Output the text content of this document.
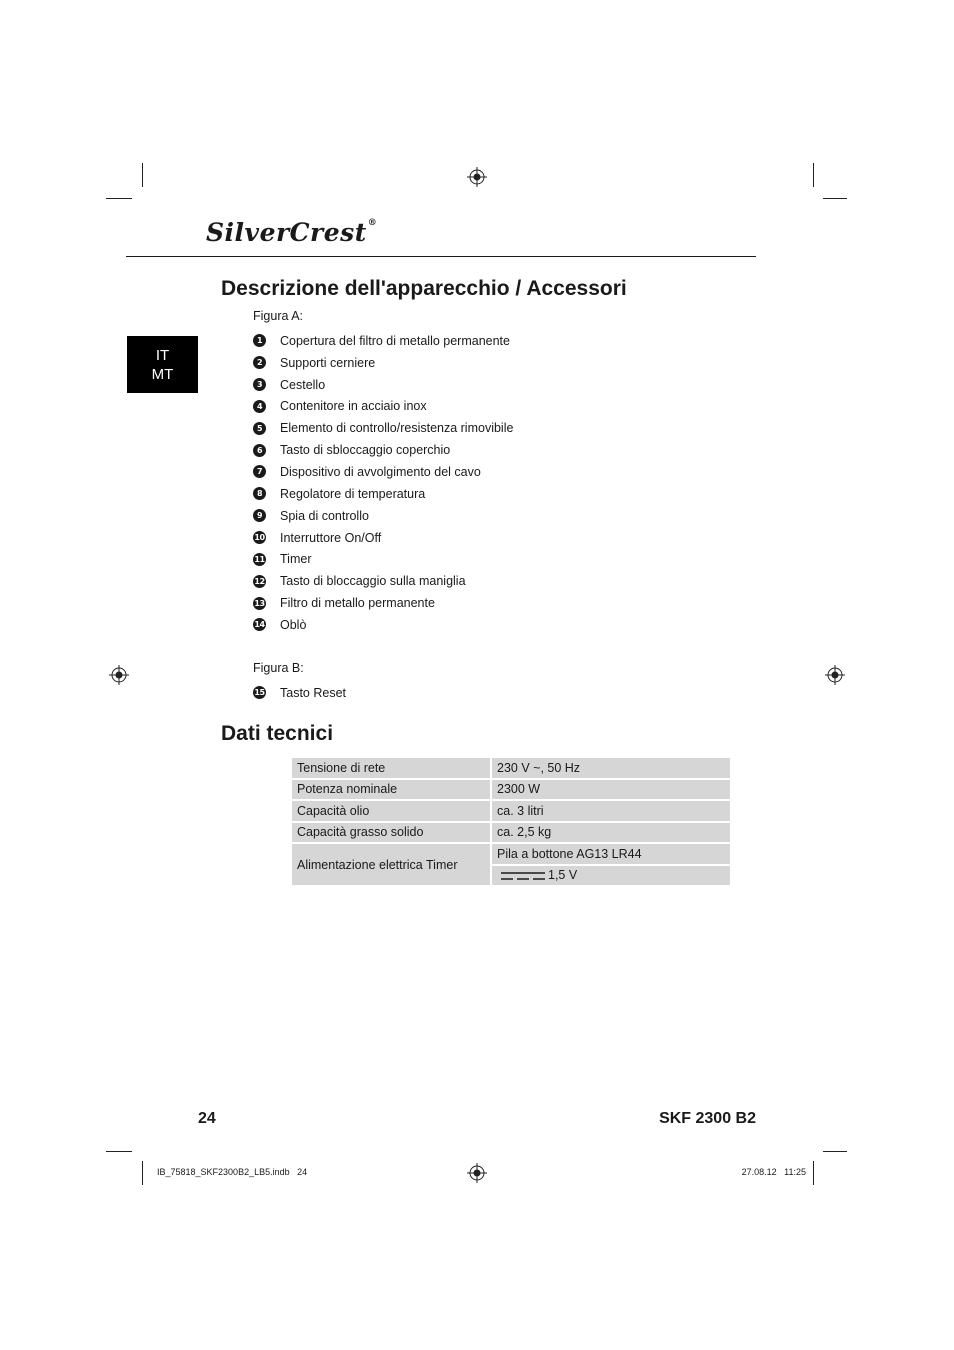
SilverCrest®
Descrizione dell'apparecchio / Accessori
IT
MT
Figura A:
1	Copertura del filtro di metallo permanente
2	Supporti cerniere
3	Cestello
4	Contenitore in acciaio inox
5	Elemento di controllo/resistenza rimovibile
6	Tasto di sbloccaggio coperchio
7	Dispositivo di avvolgimento del cavo
8	Regolatore di temperatura
9	Spia di controllo
10 Interruttore On/Off
11 Timer
12 Tasto di bloccaggio sulla maniglia
13 Filtro di metallo permanente
14 Oblò
Figura B:
15 Tasto Reset
Dati tecnici
Tensione di rete	230 V ~, 50 Hz
Potenza nominale	2300 W
Capacità olio	ca. 3 litri
Capacità grasso solido	ca. 2,5 kg
Alimentazione elettrica Timer	Pila a bottone AG13 LR44
	1,5 V
24	SKF 2300 B2
IB_75818_SKF2300B2_LB5.indb   24	27.08.12   11:25
